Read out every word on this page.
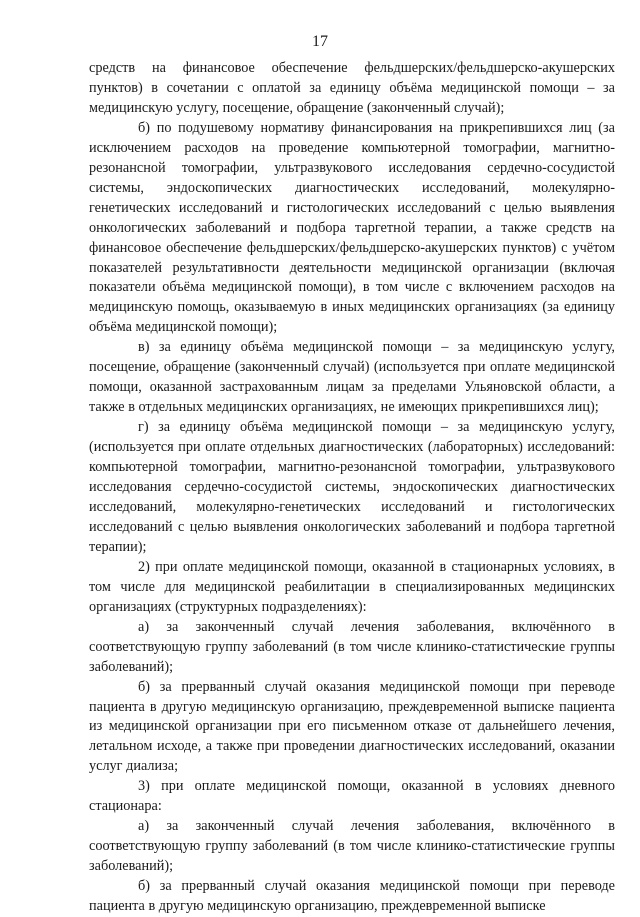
17

средств на финансовое обеспечение фельдшерских/фельдшерско-акушерских пунктов) в сочетании с оплатой за единицу объёма медицинской помощи – за медицинскую услугу, посещение, обращение (законченный случай);

б) по подушевому нормативу финансирования на прикрепившихся лиц (за исключением расходов на проведение компьютерной томографии, магнитно-резонансной томографии, ультразвукового исследования сердечно-сосудистой системы, эндоскопических диагностических исследований, молекулярно-генетических исследований и гистологических исследований с целью выявления онкологических заболеваний и подбора таргетной терапии, а также средств на финансовое обеспечение фельдшерских/фельдшерско-акушерских пунктов) с учётом показателей результативности деятельности медицинской организации (включая показатели объёма медицинской помощи), в том числе с включением расходов на медицинскую помощь, оказываемую в иных медицинских организациях (за единицу объёма медицинской помощи);

в) за единицу объёма медицинской помощи – за медицинскую услугу, посещение, обращение (законченный случай) (используется при оплате медицинской помощи, оказанной застрахованным лицам за пределами Ульяновской области, а также в отдельных медицинских организациях, не имеющих прикрепившихся лиц);

г) за единицу объёма медицинской помощи – за медицинскую услугу, (используется при оплате отдельных диагностических (лабораторных) исследований: компьютерной томографии, магнитно-резонансной томографии, ультразвукового исследования сердечно-сосудистой системы, эндоскопических диагностических исследований, молекулярно-генетических исследований и гистологических исследований с целью выявления онкологических заболеваний и подбора таргетной терапии);

2) при оплате медицинской помощи, оказанной в стационарных условиях, в том числе для медицинской реабилитации в специализированных медицинских организациях (структурных подразделениях):

а) за законченный случай лечения заболевания, включённого в соответствующую группу заболеваний (в том числе клинико-статистические группы заболеваний);

б) за прерванный случай оказания медицинской помощи при переводе пациента в другую медицинскую организацию, преждевременной выписке пациента из медицинской организации при его письменном отказе от дальнейшего лечения, летальном исходе, а также при проведении диагностических исследований, оказании услуг диализа;

3) при оплате медицинской помощи, оказанной в условиях дневного стационара:

а) за законченный случай лечения заболевания, включённого в соответствующую группу заболеваний (в том числе клинико-статистические группы заболеваний);

б) за прерванный случай оказания медицинской помощи при переводе пациента в другую медицинскую организацию, преждевременной выписке
